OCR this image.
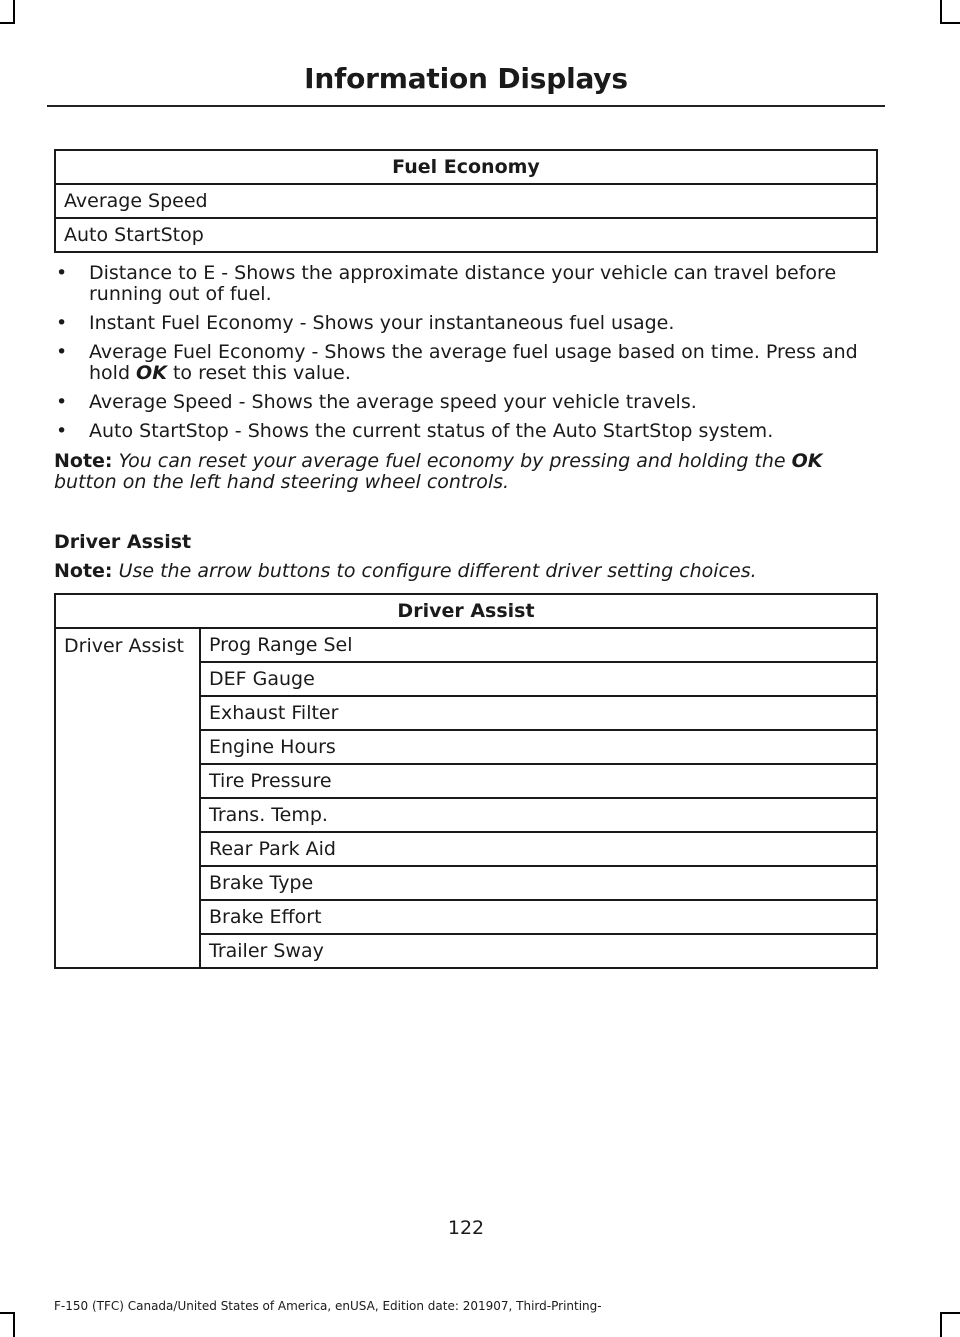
Information Displays
Fuel Economy
Average Speed
Auto StartStop
• Distance to E - Shows the approximate distance your vehicle can travel before running out of fuel.
• Instant Fuel Economy - Shows your instantaneous fuel usage.
• Average Fuel Economy - Shows the average fuel usage based on time. Press and hold OK to reset this value.
• Average Speed - Shows the average speed your vehicle travels.
• Auto StartStop - Shows the current status of the Auto StartStop system.
Note: You can reset your average fuel economy by pressing and holding the OK button on the left hand steering wheel controls.
Driver Assist
Note: Use the arrow buttons to configure different driver setting choices.
Driver Assist
Driver Assist	Prog Range Sel
DEF Gauge
Exhaust Filter
Engine Hours
Tire Pressure
Trans. Temp.
Rear Park Aid
Brake Type
Brake Effort
Trailer Sway
122
F-150 (TFC) Canada/United States of America, enUSA, Edition date: 201907, Third-Printing-
